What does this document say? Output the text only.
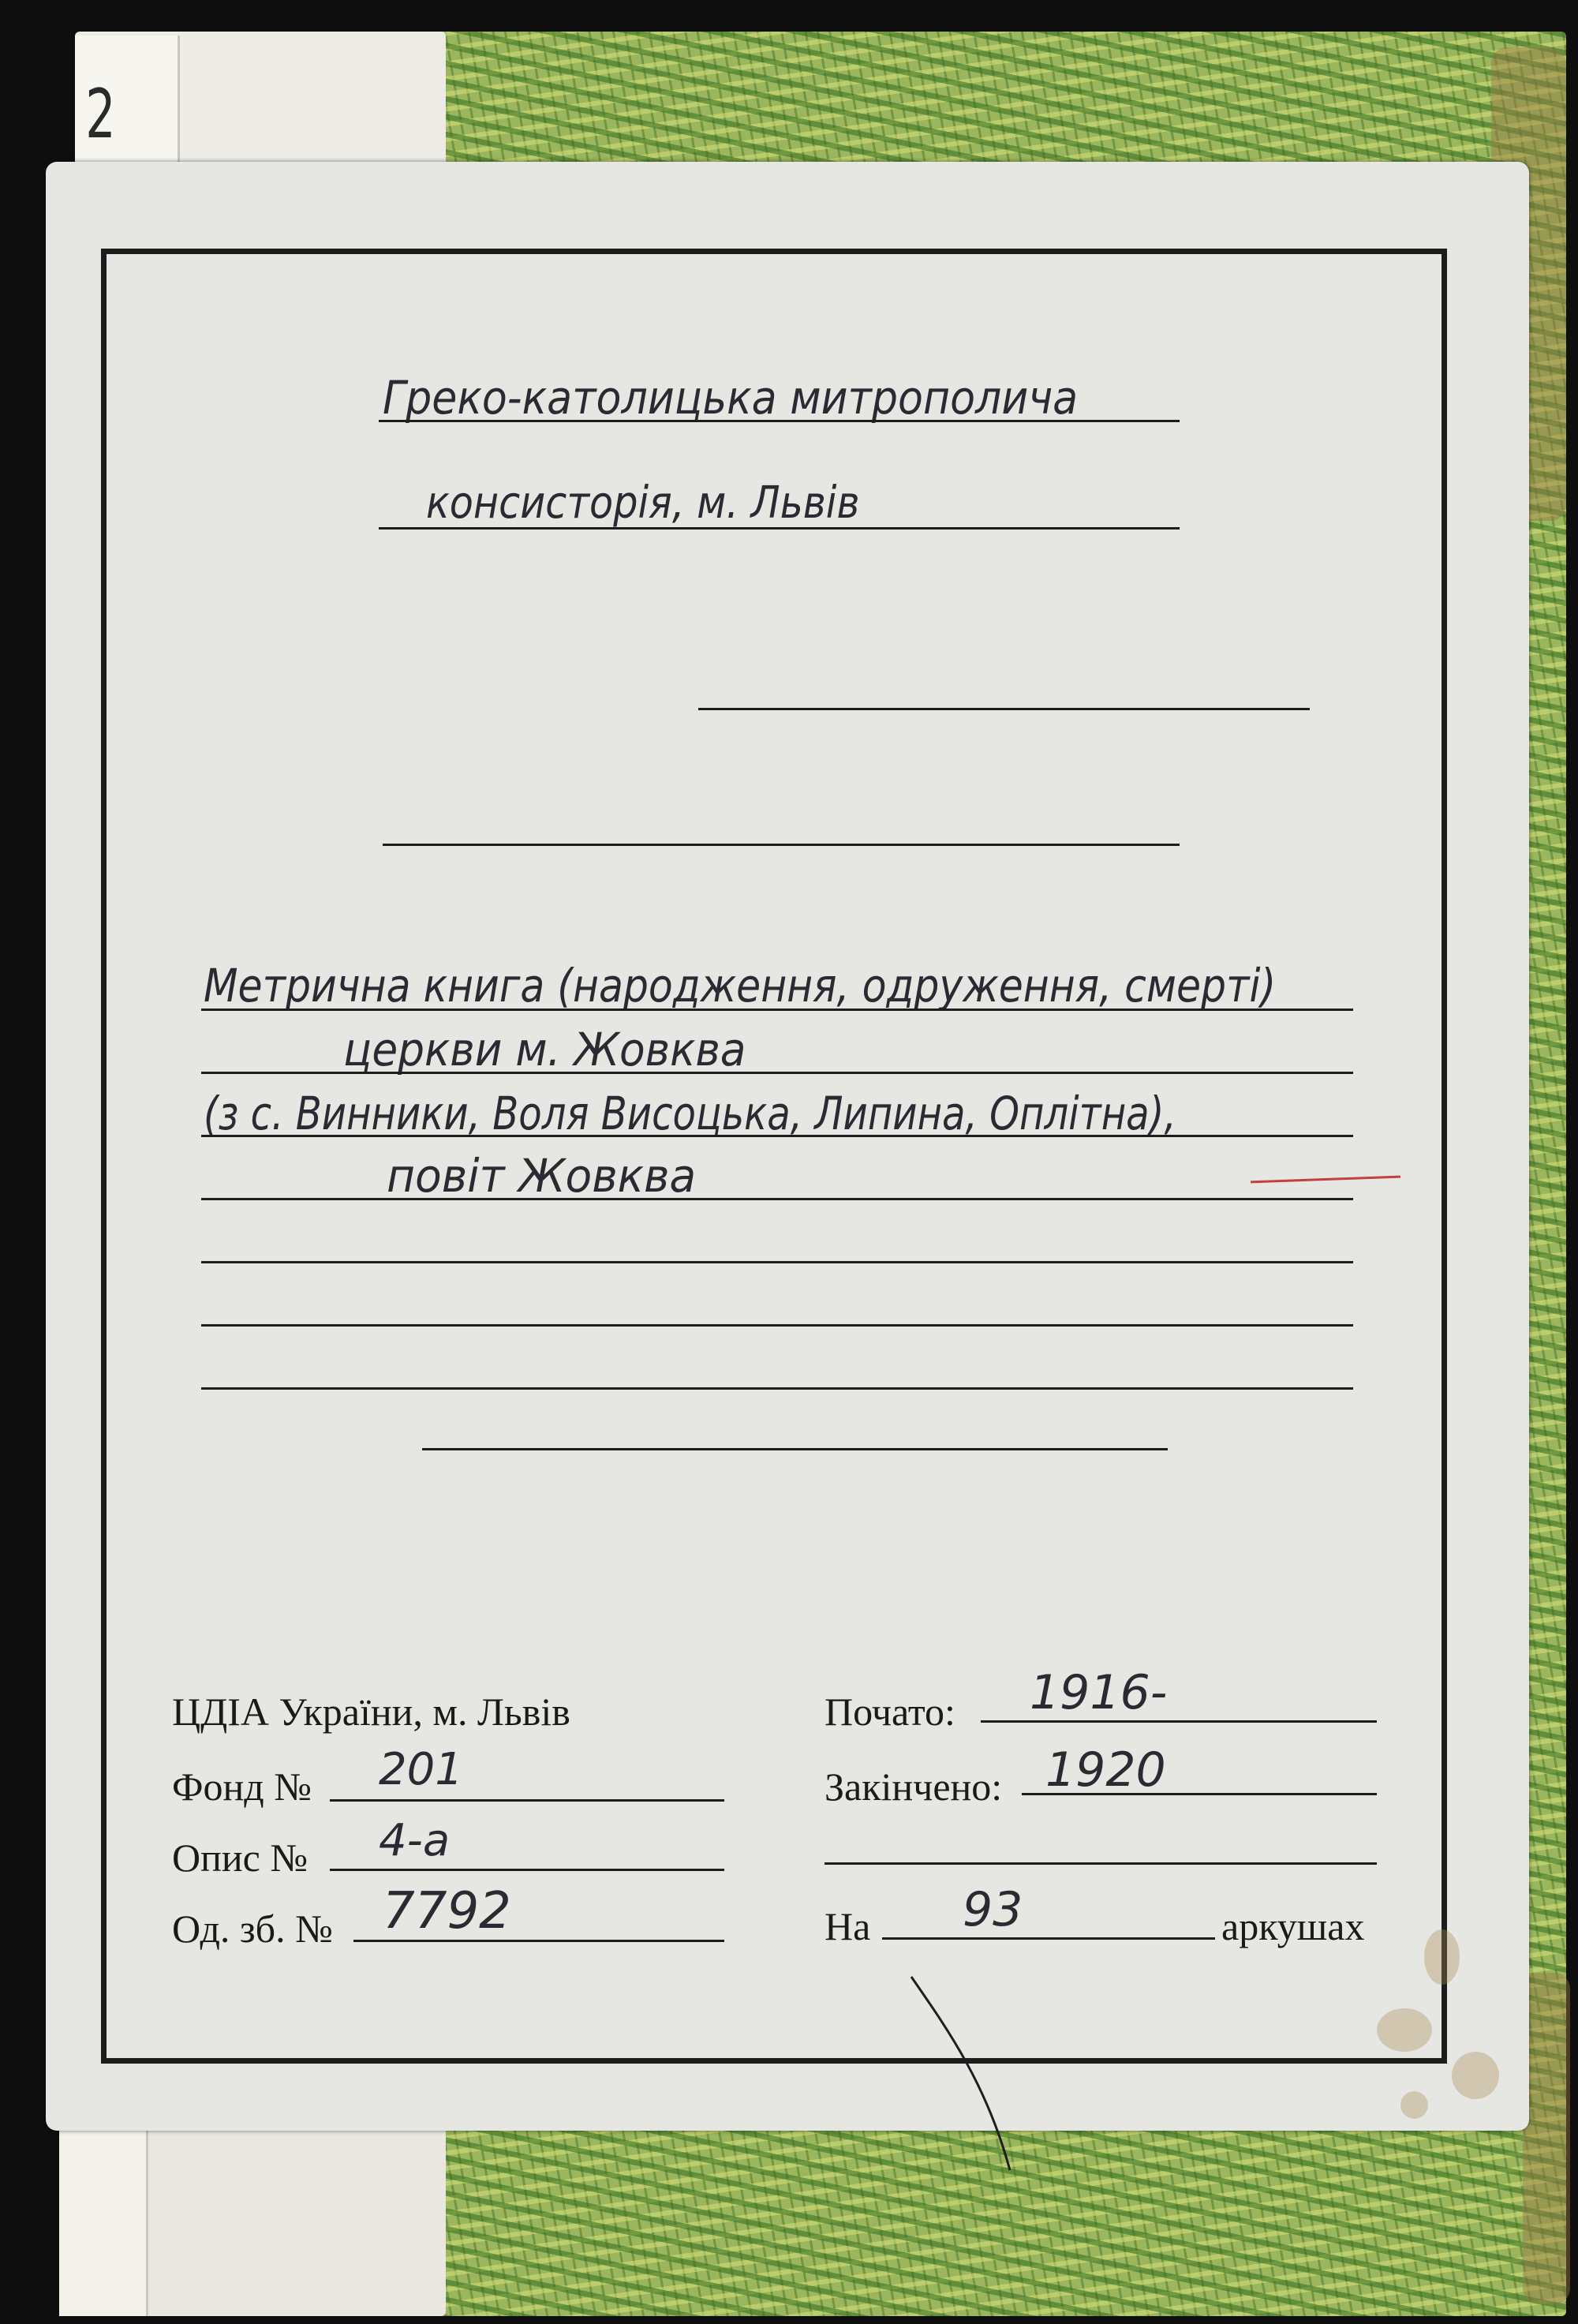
2
Греко-католицька митрополича
консисторія, м. Львів
Метрична книга (народження, одруження, смерті)
церкви м. Жовква
(з с. Винники, Воля Висоцька, Липина, Оплітна),
повіт Жовква
ЦДІА України, м. Львів
Фонд № 201
Опис № 4-а
Од. зб. № 7792
Почато: 1916-
Закінчено: 1920
На 93	аркушах
